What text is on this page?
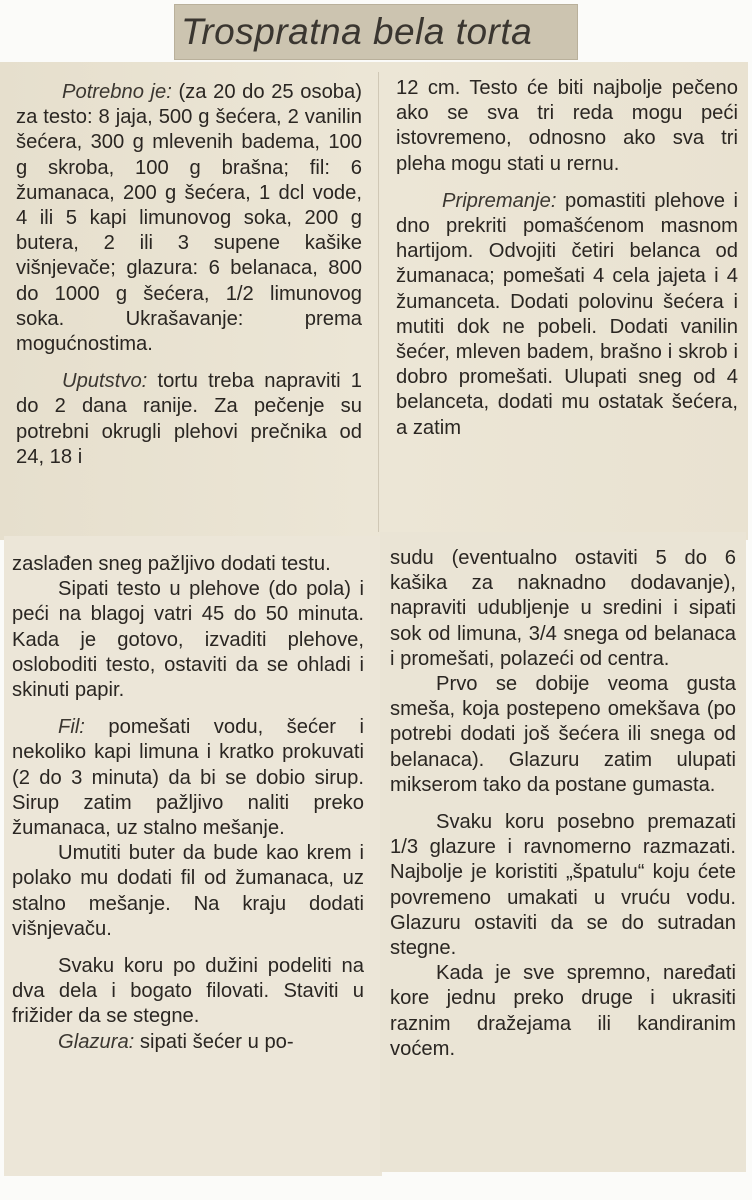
Trospratna bela torta

Potrebno je: (za 20 do 25 osoba) za testo: 8 jaja, 500 g šećera, 2 vanilin šećera, 300 g mlevenih badema, 100 g skroba, 100 g brašna; fil: 6 žumanaca, 200 g šećera, 1 dcl vode, 4 ili 5 kapi limunovog soka, 200 g butera, 2 ili 3 supene kašike višnjevače; glazura: 6 belanaca, 800 do 1000 g šećera, 1/2 limunovog soka. Ukrašavanje: prema mogućnostima.

Uputstvo: tortu treba napraviti 1 do 2 dana ranije. Za pečenje su potrebni okrugli plehovi prečnika od 24, 18 i

12 cm. Testo će biti najbolje pečeno ako se sva tri reda mogu peći istovremeno, odnosno ako sva tri pleha mogu stati u rernu.

Pripremanje: pomastiti plehove i dno prekriti pomašćenom masnom hartijom. Odvojiti četiri belanca od žumanaca; pomešati 4 cela jajeta i 4 žumanceta. Dodati polovinu šećera i mutiti dok ne pobeli. Dodati vanilin šećer, mleven badem, brašno i skrob i dobro promešati. Ulupati sneg od 4 belanceta, dodati mu ostatak šećera, a zatim

zaslađen sneg pažljivo dodati testu.

Sipati testo u plehove (do pola) i peći na blagoj vatri 45 do 50 minuta. Kada je gotovo, izvaditi plehove, osloboditi testo, ostaviti da se ohladi i skinuti papir.

Fil: pomešati vodu, šećer i nekoliko kapi limuna i kratko prokuvati (2 do 3 minuta) da bi se dobio sirup. Sirup zatim pažljivo naliti preko žumanaca, uz stalno mešanje.

Umutiti buter da bude kao krem i polako mu dodati fil od žumanaca, uz stalno mešanje. Na kraju dodati višnjevaču.

Svaku koru po dužini podeliti na dva dela i bogato filovati. Staviti u frižider da se stegne.

Glazura: sipati šećer u po-

sudu (eventualno ostaviti 5 do 6 kašika za naknadno dodavanje), napraviti udubljenje u sredini i sipati sok od limuna, 3/4 snega od belanaca i promešati, polazeći od centra.

Prvo se dobije veoma gusta smeša, koja postepeno omekšava (po potrebi dodati još šećera ili snega od belanaca). Glazuru zatim ulupati mikserom tako da postane gumasta.

Svaku koru posebno premazati 1/3 glazure i ravnomerno razmazati. Najbolje je koristiti „špatulu“ koju ćete povremeno umakati u vruću vodu. Glazuru ostaviti da se do sutradan stegne.

Kada je sve spremno, naređati kore jednu preko druge i ukrasiti raznim dražejama ili kandiranim voćem.
